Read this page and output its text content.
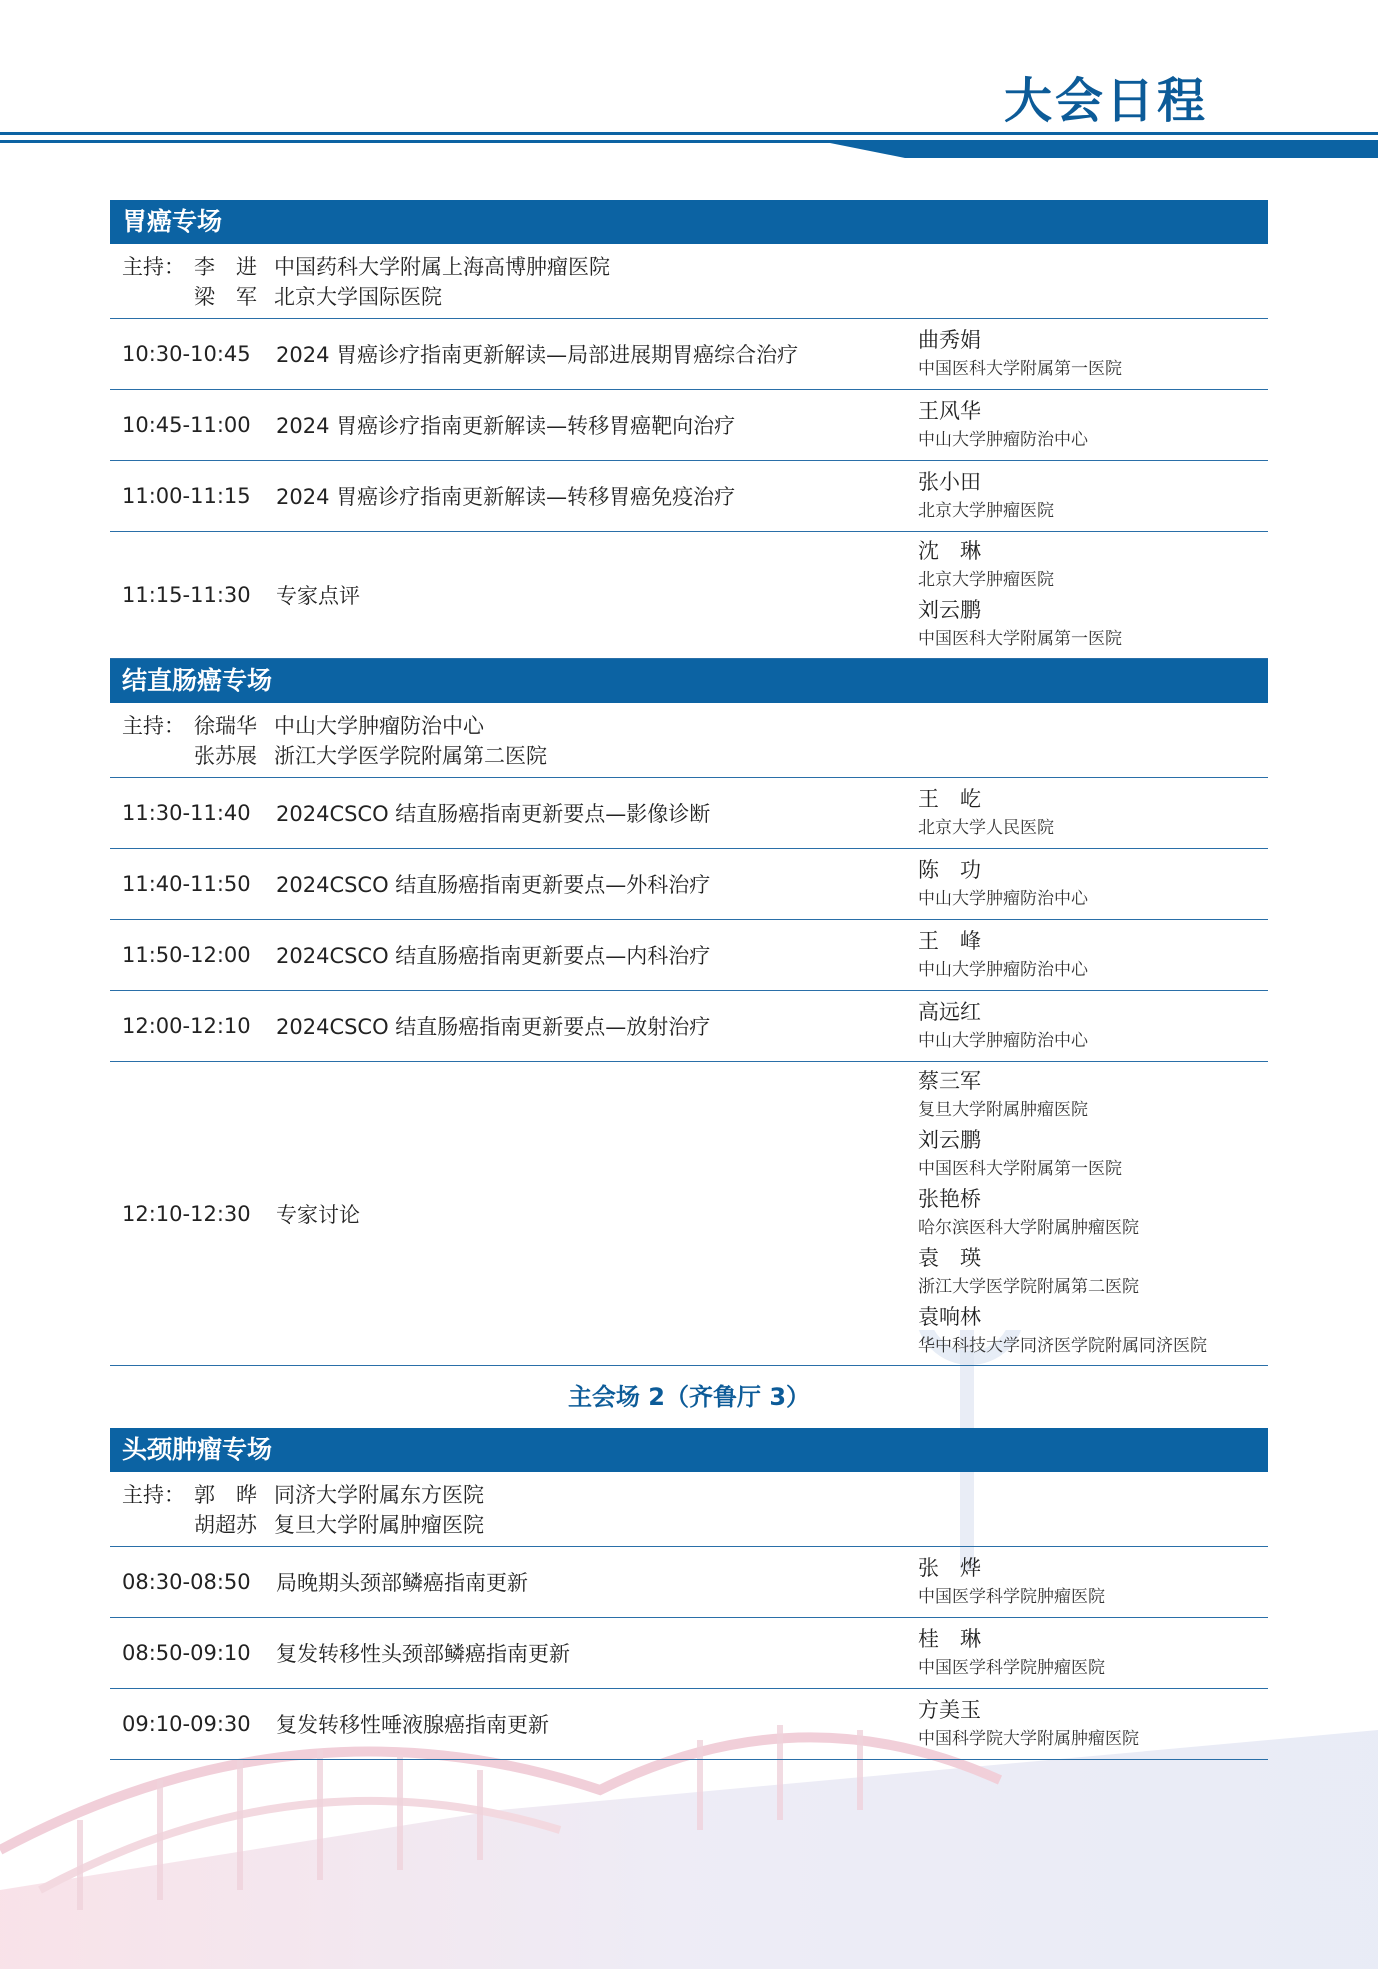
大会日程
胃癌专场
主持： 李　进 中国药科大学附属上海高博肿瘤医院
梁　军 北京大学国际医院
10:30-10:45	2024 胃癌诊疗指南更新解读—局部进展期胃癌综合治疗
曲秀娟
中国医科大学附属第一医院
10:45-11:00	2024 胃癌诊疗指南更新解读—转移胃癌靶向治疗
王风华
中山大学肿瘤防治中心
11:00-11:15	2024 胃癌诊疗指南更新解读—转移胃癌免疫治疗
张小田
北京大学肿瘤医院
11:15-11:30	专家点评
沈　琳
北京大学肿瘤医院
刘云鹏
中国医科大学附属第一医院
结直肠癌专场
主持： 徐瑞华 中山大学肿瘤防治中心
张苏展 浙江大学医学院附属第二医院
11:30-11:40	2024CSCO 结直肠癌指南更新要点—影像诊断
王　屹
北京大学人民医院
11:40-11:50	2024CSCO 结直肠癌指南更新要点—外科治疗
陈　功
中山大学肿瘤防治中心
11:50-12:00	2024CSCO 结直肠癌指南更新要点—内科治疗
王　峰
中山大学肿瘤防治中心
12:00-12:10	2024CSCO 结直肠癌指南更新要点—放射治疗
高远红
中山大学肿瘤防治中心
12:10-12:30	专家讨论
蔡三军
复旦大学附属肿瘤医院
刘云鹏
中国医科大学附属第一医院
张艳桥
哈尔滨医科大学附属肿瘤医院
袁　瑛
浙江大学医学院附属第二医院
袁响林
华中科技大学同济医学院附属同济医院
主会场 2（齐鲁厅 3）
头颈肿瘤专场
主持： 郭　晔 同济大学附属东方医院
胡超苏 复旦大学附属肿瘤医院
08:30-08:50	局晚期头颈部鳞癌指南更新
张　烨
中国医学科学院肿瘤医院
08:50-09:10	复发转移性头颈部鳞癌指南更新
桂　琳
中国医学科学院肿瘤医院
09:10-09:30	复发转移性唾液腺癌指南更新
方美玉
中国科学院大学附属肿瘤医院
